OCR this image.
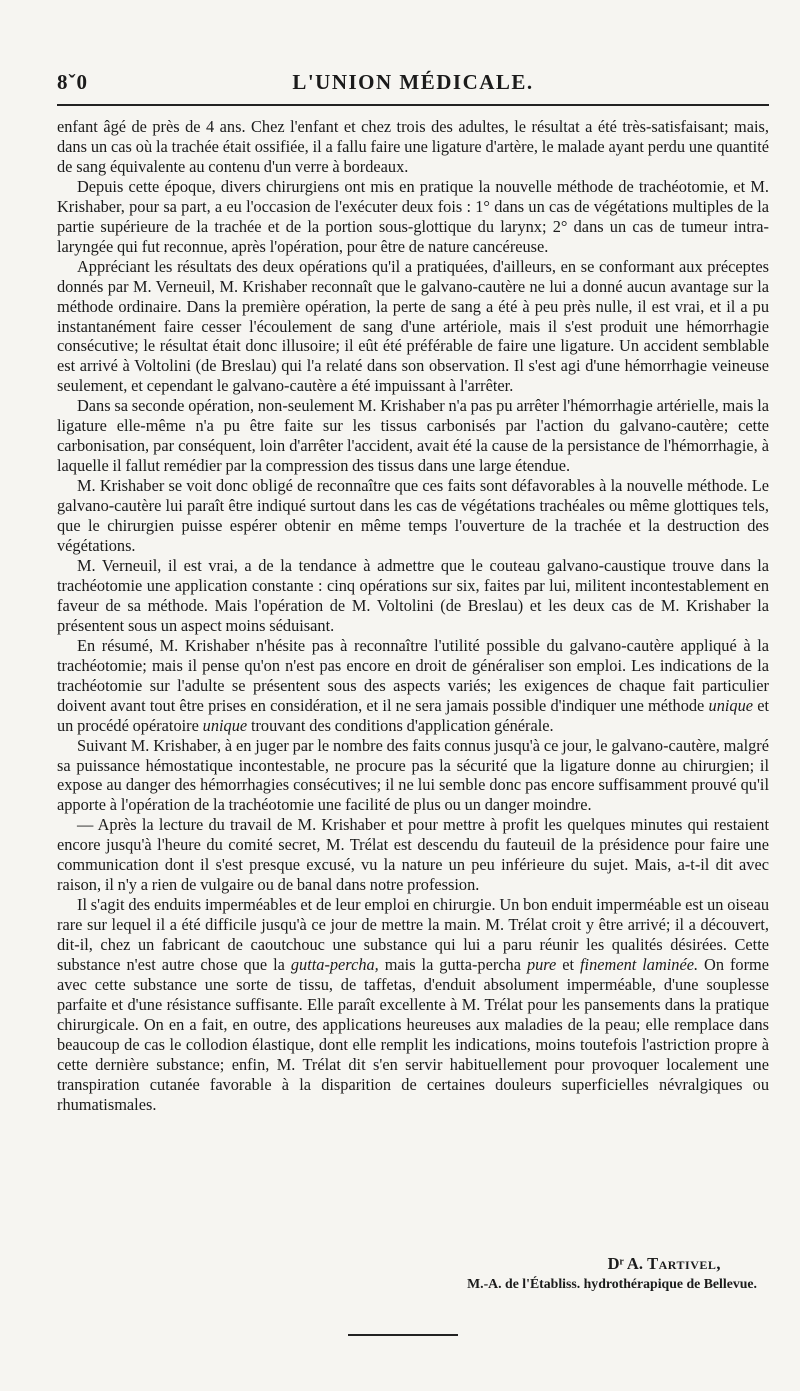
8ˇ0	L'UNION MÉDICALE.

enfant âgé de près de 4 ans. Chez l'enfant et chez trois des adultes, le résultat a été très-satisfaisant; mais, dans un cas où la trachée était ossifiée, il a fallu faire une ligature d'artère, le malade ayant perdu une quantité de sang équivalente au contenu d'un verre à bordeaux.

Depuis cette époque, divers chirurgiens ont mis en pratique la nouvelle méthode de trachéotomie, et M. Krishaber, pour sa part, a eu l'occasion de l'exécuter deux fois : 1° dans un cas de végétations multiples de la partie supérieure de la trachée et de la portion sous-glottique du larynx; 2° dans un cas de tumeur intra-laryngée qui fut reconnue, après l'opération, pour être de nature cancéreuse.

Appréciant les résultats des deux opérations qu'il a pratiquées, d'ailleurs, en se conformant aux préceptes donnés par M. Verneuil, M. Krishaber reconnaît que le galvano-cautère ne lui a donné aucun avantage sur la méthode ordinaire. Dans la première opération, la perte de sang a été à peu près nulle, il est vrai, et il a pu instantanément faire cesser l'écoulement de sang d'une artériole, mais il s'est produit une hémorrhagie consécutive; le résultat était donc illusoire; il eût été préférable de faire une ligature. Un accident semblable est arrivé à Voltolini (de Breslau) qui l'a relaté dans son observation. Il s'est agi d'une hémorrhagie veineuse seulement, et cependant le galvano-cautère a été impuissant à l'arrêter.

Dans sa seconde opération, non-seulement M. Krishaber n'a pas pu arrêter l'hémorrhagie artérielle, mais la ligature elle-même n'a pu être faite sur les tissus carbonisés par l'action du galvano-cautère; cette carbonisation, par conséquent, loin d'arrêter l'accident, avait été la cause de la persistance de l'hémorrhagie, à laquelle il fallut remédier par la compression des tissus dans une large étendue.

M. Krishaber se voit donc obligé de reconnaître que ces faits sont défavorables à la nouvelle méthode. Le galvano-cautère lui paraît être indiqué surtout dans les cas de végétations trachéales ou même glottiques tels, que le chirurgien puisse espérer obtenir en même temps l'ouverture de la trachée et la destruction des végétations.

M. Verneuil, il est vrai, a de la tendance à admettre que le couteau galvano-caustique trouve dans la trachéotomie une application constante : cinq opérations sur six, faites par lui, militent incontestablement en faveur de sa méthode. Mais l'opération de M. Voltolini (de Breslau) et les deux cas de M. Krishaber la présentent sous un aspect moins séduisant.

En résumé, M. Krishaber n'hésite pas à reconnaître l'utilité possible du galvano-cautère appliqué à la trachéotomie; mais il pense qu'on n'est pas encore en droit de généraliser son emploi. Les indications de la trachéotomie sur l'adulte se présentent sous des aspects variés; les exigences de chaque fait particulier doivent avant tout être prises en considération, et il ne sera jamais possible d'indiquer une méthode unique et un procédé opératoire unique trouvant des conditions d'application générale.

Suivant M. Krishaber, à en juger par le nombre des faits connus jusqu'à ce jour, le galvano-cautère, malgré sa puissance hémostatique incontestable, ne procure pas la sécurité que la ligature donne au chirurgien; il expose au danger des hémorrhagies consécutives; il ne lui semble donc pas encore suffisamment prouvé qu'il apporte à l'opération de la trachéotomie une facilité de plus ou un danger moindre.

— Après la lecture du travail de M. Krishaber et pour mettre à profit les quelques minutes qui restaient encore jusqu'à l'heure du comité secret, M. Trélat est descendu du fauteuil de la présidence pour faire une communication dont il s'est presque excusé, vu la nature un peu inférieure du sujet. Mais, a-t-il dit avec raison, il n'y a rien de vulgaire ou de banal dans notre profession.

Il s'agit des enduits imperméables et de leur emploi en chirurgie. Un bon enduit imperméable est un oiseau rare sur lequel il a été difficile jusqu'à ce jour de mettre la main. M. Trélat croit y être arrivé; il a découvert, dit-il, chez un fabricant de caoutchouc une substance qui lui a paru réunir les qualités désirées. Cette substance n'est autre chose que la gutta-percha, mais la gutta-percha pure et finement laminée. On forme avec cette substance une sorte de tissu, de taffetas, d'enduit absolument imperméable, d'une souplesse parfaite et d'une résistance suffisante. Elle paraît excellente à M. Trélat pour les pansements dans la pratique chirurgicale. On en a fait, en outre, des applications heureuses aux maladies de la peau; elle remplace dans beaucoup de cas le collodion élastique, dont elle remplit les indications, moins toutefois l'astriction propre à cette dernière substance; enfin, M. Trélat dit s'en servir habituellement pour provoquer localement une transpiration cutanée favorable à la disparition de certaines douleurs superficielles névralgiques ou rhumatismales.

Dʳ A. Tartivel,
M.-A. de l'Établiss. hydrothérapique de Bellevue.
